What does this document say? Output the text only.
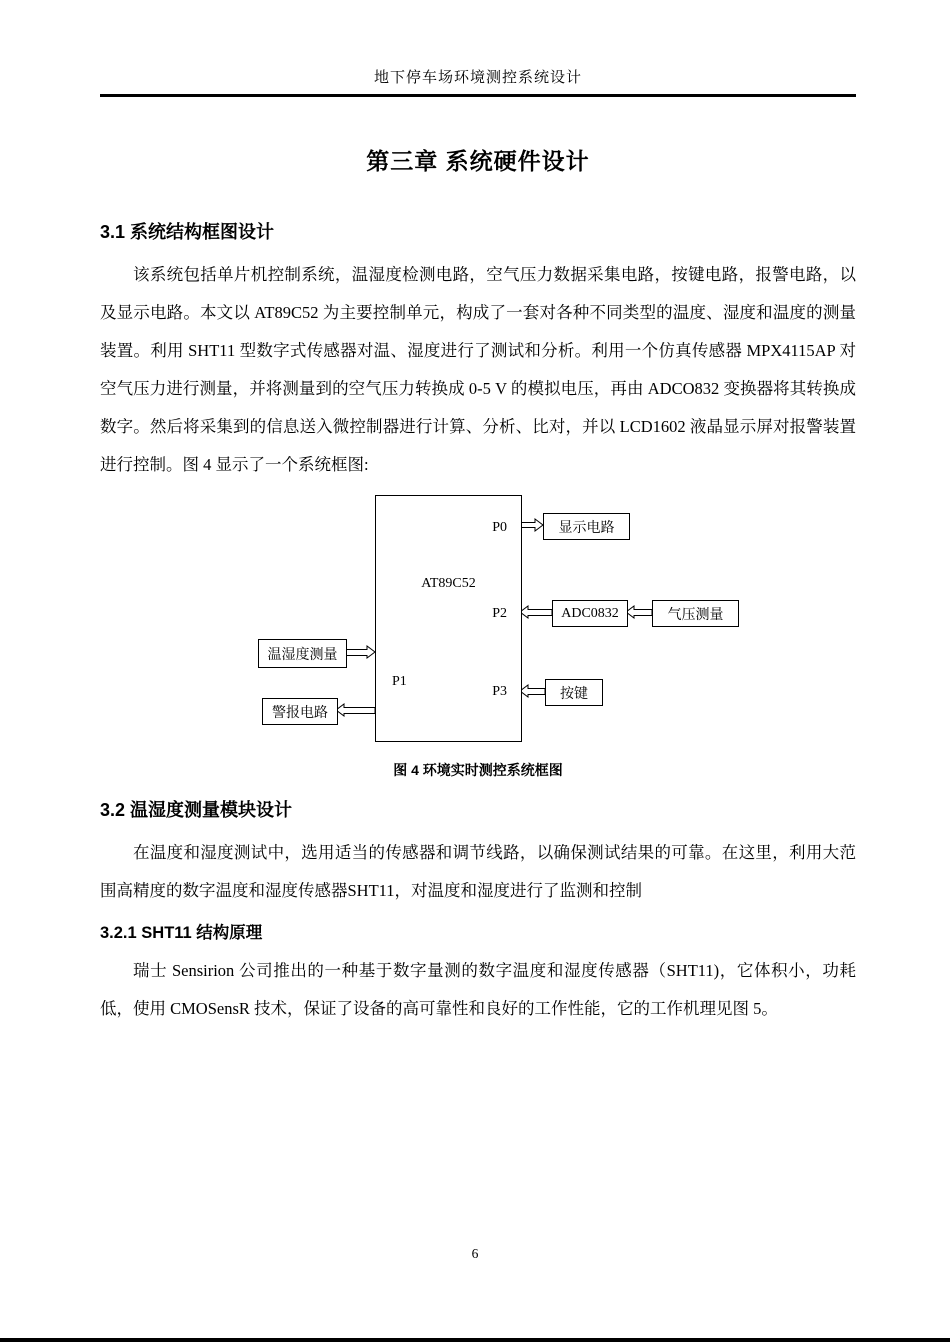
地下停车场环境测控系统设计
第三章 系统硬件设计
3.1 系统结构框图设计
该系统包括单片机控制系统，温湿度检测电路，空气压力数据采集电路，按键电路，报警电路，以及显示电路。本文以 AT89C52 为主要控制单元，构成了一套对各种不同类型的温度、湿度和温度的测量装置。利用 SHT11 型数字式传感器对温、湿度进行了测试和分析。利用一个仿真传感器 MPX4115AP 对空气压力进行测量，并将测量到的空气压力转换成 0-5 V 的模拟电压，再由 ADCO832 变换器将其转换成数字。然后将采集到的信息送入微控制器进行计算、分析、比对，并以 LCD1602 液晶显示屏对报警装置进行控制。图 4 显示了一个系统框图:
AT89C52
P0
P2
P1
P3
显示电路
ADC0832	气压测量
温湿度测量
警报电路
按键
图 4 环境实时测控系统框图
3.2 温湿度测量模块设计
在温度和湿度测试中，选用适当的传感器和调节线路，以确保测试结果的可靠。在这里，利用大范围高精度的数字温度和湿度传感器SHT11，对温度和湿度进行了监测和控制
3.2.1 SHT11 结构原理
瑞士 Sensirion 公司推出的一种基于数字量测的数字温度和湿度传感器（SHT11)，它体积小，功耗低，使用 CMOSensR 技术，保证了设备的高可靠性和良好的工作性能，它的工作机理见图 5。
6
